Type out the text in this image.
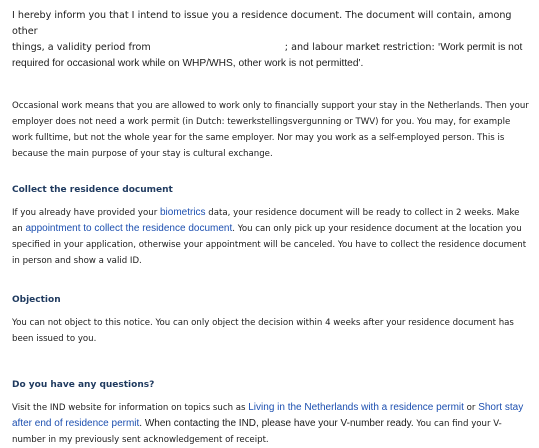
I hereby inform you that I intend to issue you a residence document. The document will contain, among other
things, a validity period from	; and labour market restriction: 'Work permit is not
required for occasional work while on WHP/WHS, other work is not permitted'.

Occasional work means that you are allowed to work only to financially support your stay in the Netherlands. Then your employer does not need a work permit (in Dutch: tewerkstellingsvergunning or TWV) for you. You may, for example work fulltime, but not the whole year for the same employer. Nor may you work as a self-employed person. This is because the main purpose of your stay is cultural exchange.

Collect the residence document

If you already have provided your biometrics data, your residence document will be ready to collect in 2 weeks. Make an appointment to collect the residence document. You can only pick up your residence document at the location you specified in your application, otherwise your appointment will be canceled. You have to collect the residence document in person and show a valid ID.

Objection

You can not object to this notice. You can only object the decision within 4 weeks after your residence document has been issued to you.

Do you have any questions?

Visit the IND website for information on topics such as Living in the Netherlands with a residence permit or Short stay after end of residence permit. When contacting the IND, please have your V-number ready. You can find your V-number in my previously sent acknowledgement of receipt.
